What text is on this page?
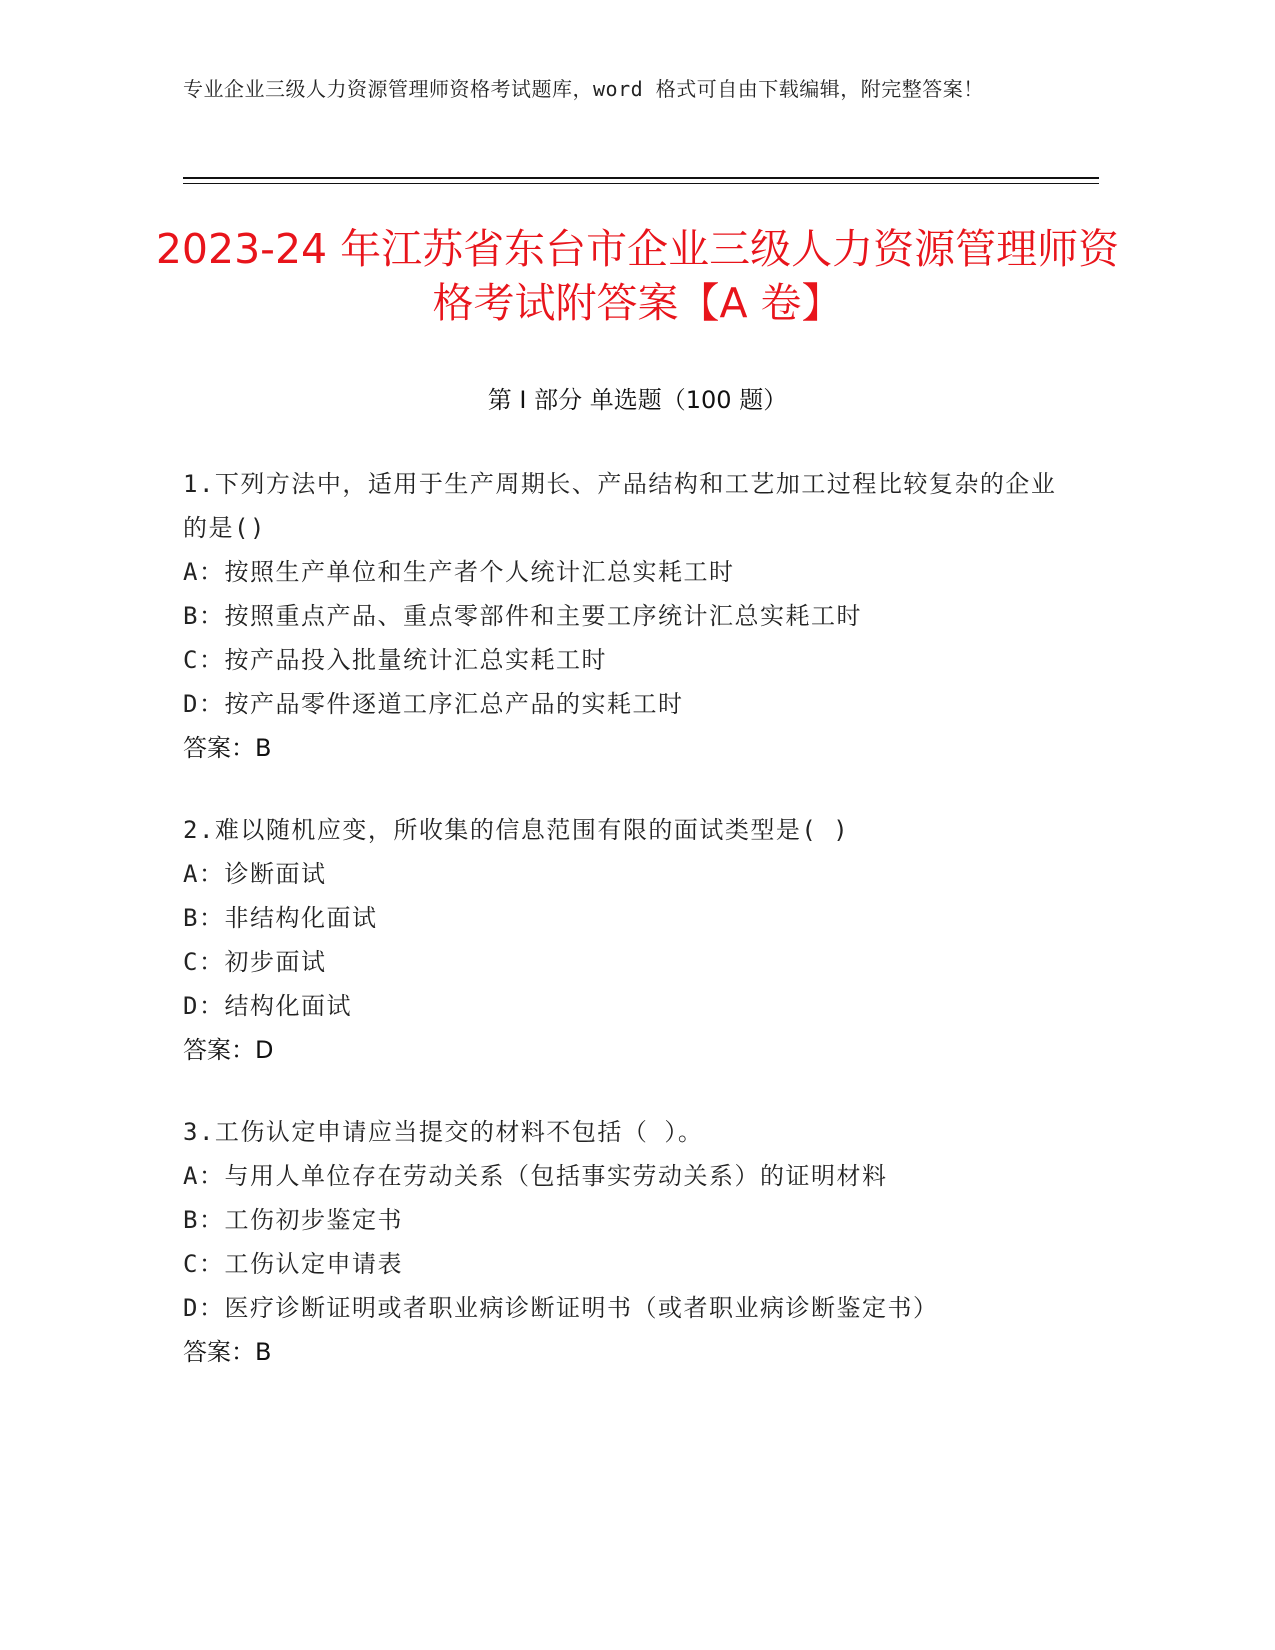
专业企业三级人力资源管理师资格考试题库，word 格式可自由下载编辑，附完整答案！
2023-24 年江苏省东台市企业三级人力资源管理师资格考试附答案【A 卷】
第 I 部分 单选题（100 题）

1.下列方法中，适用于生产周期长、产品结构和工艺加工过程比较复杂的企业的是()

A：按照生产单位和生产者个人统计汇总实耗工时

B：按照重点产品、重点零部件和主要工序统计汇总实耗工时

C：按产品投入批量统计汇总实耗工时

D：按产品零件逐道工序汇总产品的实耗工时

答案：B

2.难以随机应变，所收集的信息范围有限的面试类型是( )

A：诊断面试

B：非结构化面试

C：初步面试

D：结构化面试

答案：D

3.工伤认定申请应当提交的材料不包括（ ）。

A：与用人单位存在劳动关系（包括事实劳动关系）的证明材料

B：工伤初步鉴定书

C：工伤认定申请表

D：医疗诊断证明或者职业病诊断证明书（或者职业病诊断鉴定书）

答案：B
